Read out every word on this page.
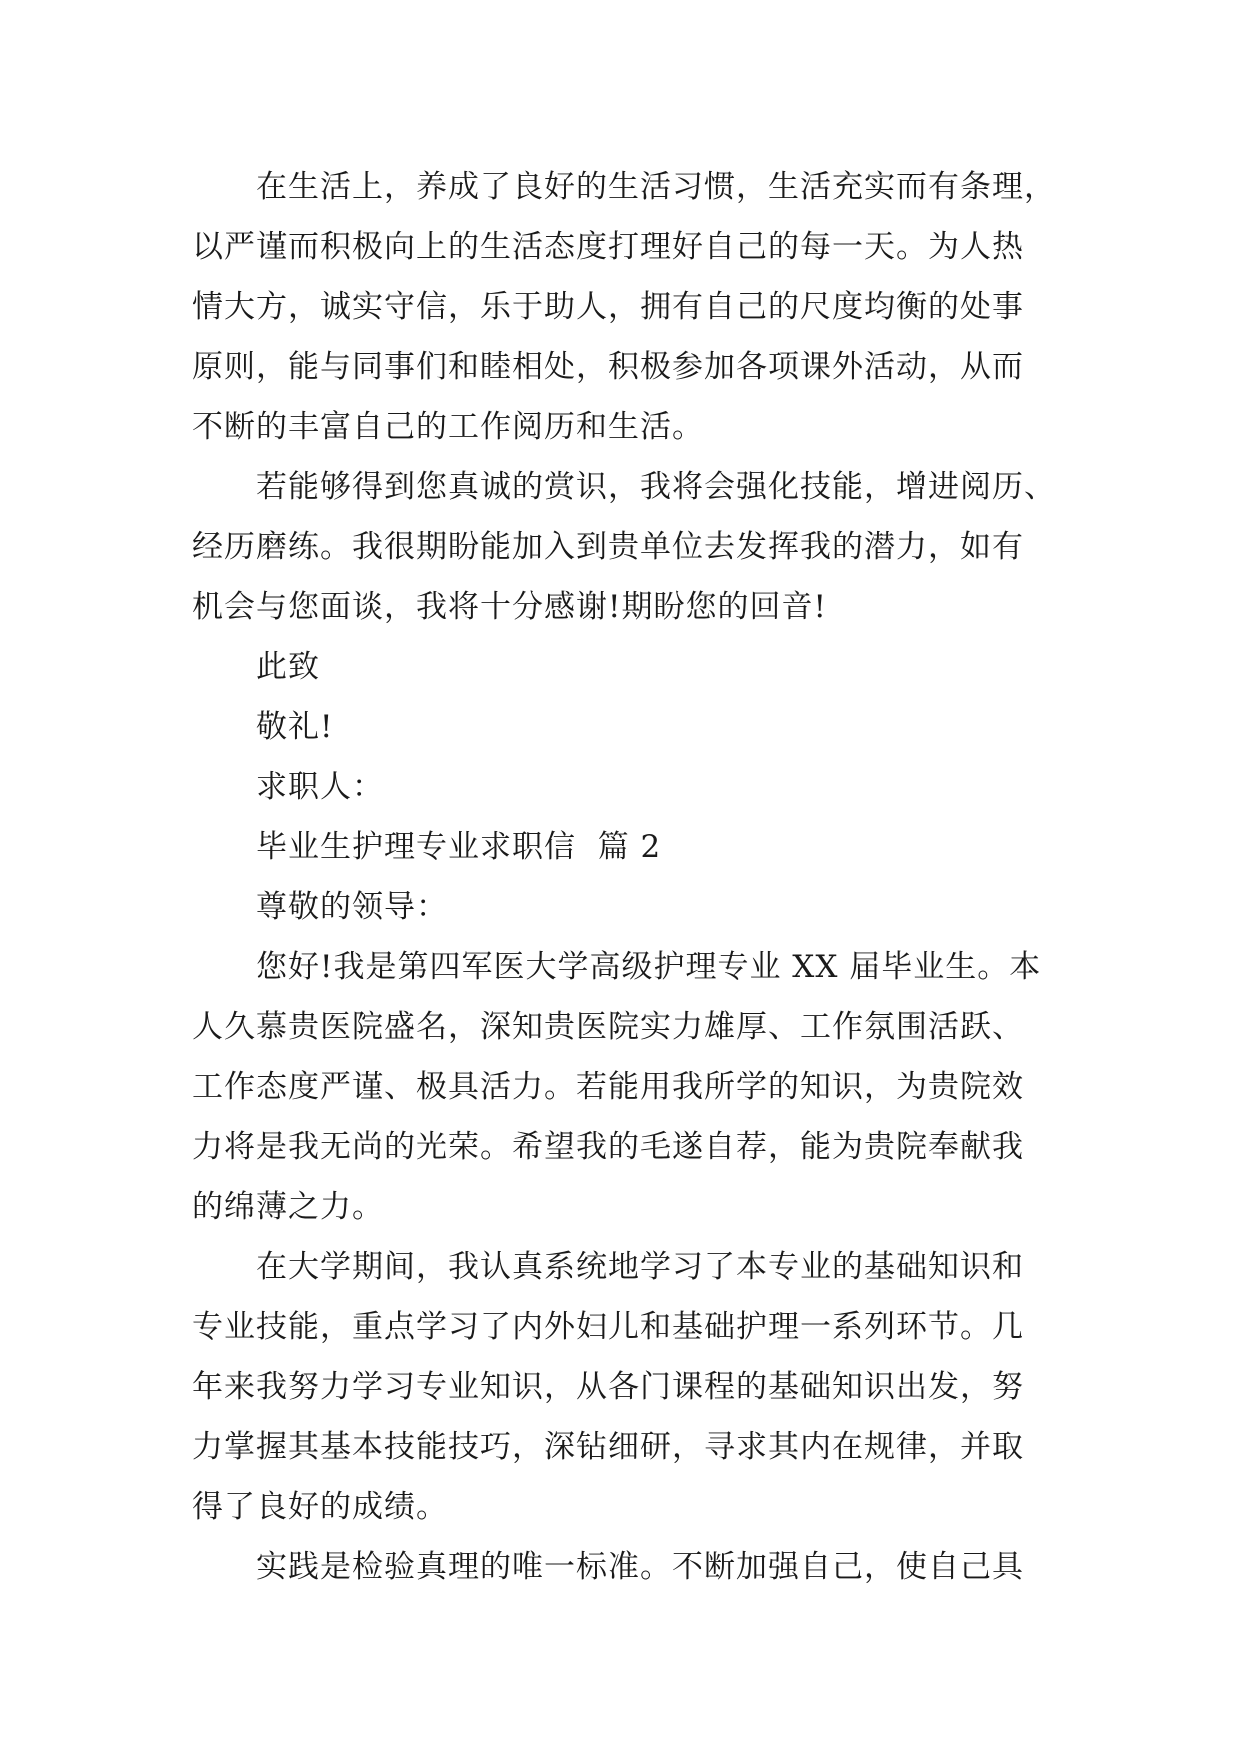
在生活上，养成了良好的生活习惯，生活充实而有条理，
以严谨而积极向上的生活态度打理好自己的每一天。为人热
情大方，诚实守信，乐于助人，拥有自己的尺度均衡的处事
原则，能与同事们和睦相处，积极参加各项课外活动，从而
不断的丰富自己的工作阅历和生活。
若能够得到您真诚的赏识，我将会强化技能，增进阅历、
经历磨练。我很期盼能加入到贵单位去发挥我的潜力，如有
机会与您面谈，我将十分感谢!期盼您的回音!
此致
敬礼!
求职人：
毕业生护理专业求职信  篇 2
尊敬的领导：
您好!我是第四军医大学高级护理专业 XX 届毕业生。本
人久慕贵医院盛名，深知贵医院实力雄厚、工作氛围活跃、
工作态度严谨、极具活力。若能用我所学的知识，为贵院效
力将是我无尚的光荣。希望我的毛遂自荐，能为贵院奉献我
的绵薄之力。
在大学期间，我认真系统地学习了本专业的基础知识和
专业技能，重点学习了内外妇儿和基础护理一系列环节。几
年来我努力学习专业知识，从各门课程的基础知识出发，努
力掌握其基本技能技巧，深钻细研，寻求其内在规律，并取
得了良好的成绩。
实践是检验真理的唯一标准。不断加强自己，使自己具
